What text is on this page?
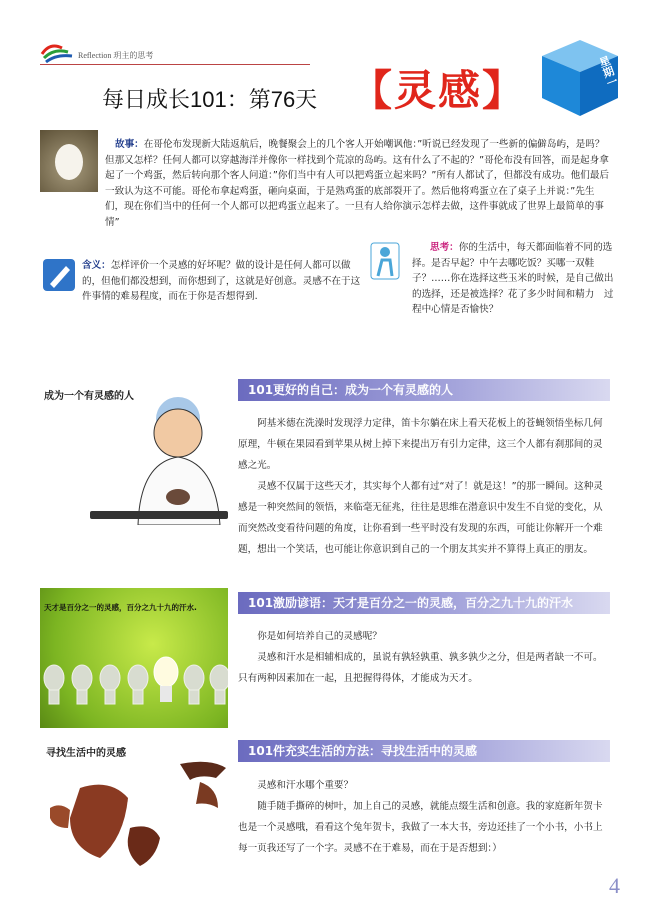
Reflection 玥主的思考
每日成长101：第76天 【灵感】	星期一
故事：在哥伦布发现新大陆返航后，晚餐聚会上的几个客人开始嘲讽他：”听说已经发现了一些新的偏僻岛屿，是吗？但那又怎样？任何人都可以穿越海洋并像你一样找到个荒凉的岛屿。这有什么了不起的？”哥伦布没有回答，而是起身拿起了一个鸡蛋，然后转向那个客人问道：”你们当中有人可以把鸡蛋立起来吗？”所有人都试了，但都没有成功。他们最后一致认为这不可能。哥伦布拿起鸡蛋，砸向桌面，于是熟鸡蛋的底部裂开了。然后他将鸡蛋立在了桌子上并说：”先生们，现在你们当中的任何一个人都可以把鸡蛋立起来了。一旦有人给你演示怎样去做，这件事就成了世界上最简单的事情”
含义：怎样评价一个灵感的好坏呢？做的设计是任何人都可以做的，但他们都没想到，而你想到了，这就是好创意。灵感不在于这件事情的难易程度，而在于你是否想得到.
思考：你的生活中，每天都面临着不同的选择。是否早起？中午去哪吃饭？买哪一双鞋子？……你在选择这些玉米的时候，是自己做出的选择，还是被选择？花了多少时间和精力　过程中心情是否愉快？
成为一个有灵感的人	101更好的自己：成为一个有灵感的人

阿基米德在洗澡时发现浮力定律，笛卡尔躺在床上看天花板上的苍蝇领悟坐标几何原理，牛顿在果园看到苹果从树上掉下来提出万有引力定律，这三个人都有刹那间的灵感之光。

灵感不仅属于这些天才，其实每个人都有过“对了！就是这！”的那一瞬间。这种灵感是一种突然间的领悟，来临毫无征兆，往往是思维在潜意识中发生不自觉的变化，从而突然改变看待问题的角度，让你看到一些平时没有发现的东西，可能让你解开一个难题，想出一个笑话，也可能让你意识到自己的一个朋友其实并不算得上真正的朋友。

天才是百分之一的灵感，百分之九十九的汗水.	101激励谚语：天才是百分之一的灵感，百分之九十九的汗水

你是如何培养自己的灵感呢？

灵感和汗水是相辅相成的，虽说有孰轻孰重、孰多孰少之分，但是两者缺一不可。只有两种因素加在一起，且把握得得体，才能成为天才。

寻找生活中的灵感	101件充实生活的方法：寻找生活中的灵感

灵感和汗水哪个重要？

随手随手撕碎的树叶，加上自己的灵感，就能点缀生活和创意。我的家庭新年贺卡也是一个灵感哦，看看这个兔年贺卡，我做了一本大书，旁边还挂了一个小书，小书上每一页我还写了一个字。灵感不在于难易，而在于是否想到：）

4
